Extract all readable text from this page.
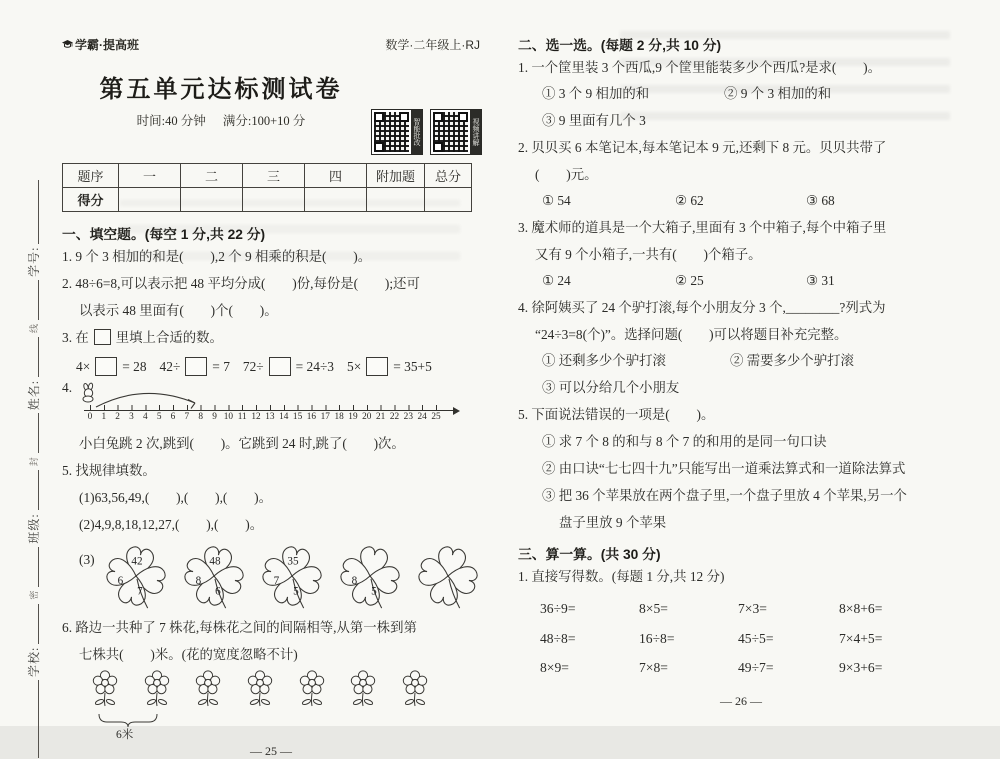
学校:
密
班级:
封
姓名:
线
学号:
学霸·提高班	数学·二年级上·RJ
第五单元达标测试卷
时间:40 分钟 满分:100+10 分	智能批改	视频讲解
题序	一	二	三	四	附加题	总分
得分						
一、填空题。(每空 1 分,共 22 分)
1. 9 个 3 相加的和是(　　),2 个 9 相乘的积是(　　)。
2. 48÷6=8,可以表示把 48 平均分成(　　)份,每份是(　　);还可
以表示 48 里面有(　　)个(　　)。
3. 在 里填上合适的数。
4× = 28 42÷ = 7 72÷ = 24÷3 5× = 35+5
4.
0 1 2 3 4 5 6 7 8 9 10 11 12 13 14 15 16 17 18 19 20 21 22 23 24 25
小白兔跳 2 次,跳到(　　)。它跳到 24 时,跳了(　　)次。
5. 找规律填数。
(1)63,56,49,(　　),(　　),(　　)。
(2)4,9,8,18,12,27,(　　),(　　)。
(3)	42
6
7
48
8
6
35
7
5
8
5
6. 路边一共种了 7 株花,每株花之间的间隔相等,从第一株到第
七株共(　　)米。(花的宽度忽略不计)
6米
— 25 —
二、选一选。(每题 2 分,共 10 分)
1. 一个筐里装 3 个西瓜,9 个筐里能装多少个西瓜?是求(　　)。
① 3 个 9 相加的和	② 9 个 3 相加的和
③ 9 里面有几个 3
2. 贝贝买 6 本笔记本,每本笔记本 9 元,还剩下 8 元。贝贝共带了
(　　)元。
① 54	② 62	③ 68
3. 魔术师的道具是一个大箱子,里面有 3 个中箱子,每个中箱子里
又有 9 个小箱子,一共有(　　)个箱子。
① 24	② 25	③ 31
4. 徐阿姨买了 24 个驴打滚,每个小朋友分 3 个,________?列式为
“24÷3=8(个)”。选择问题(　　)可以将题目补充完整。
① 还剩多少个驴打滚	② 需要多少个驴打滚
③ 可以分给几个小朋友
5. 下面说法错误的一项是(　　)。
① 求 7 个 8 的和与 8 个 7 的和用的是同一句口诀
② 由口诀“七七四十九”只能写出一道乘法算式和一道除法算式
③ 把 36 个苹果放在两个盘子里,一个盘子里放 4 个苹果,另一个
盘子里放 9 个苹果
三、算一算。(共 30 分)
1. 直接写得数。(每题 1 分,共 12 分)
36÷9=	8×5=	7×3=	8×8+6=
48÷8=	16÷8=	45÷5=	7×4+5=
8×9=	7×8=	49÷7=	9×3+6=
— 26 —
